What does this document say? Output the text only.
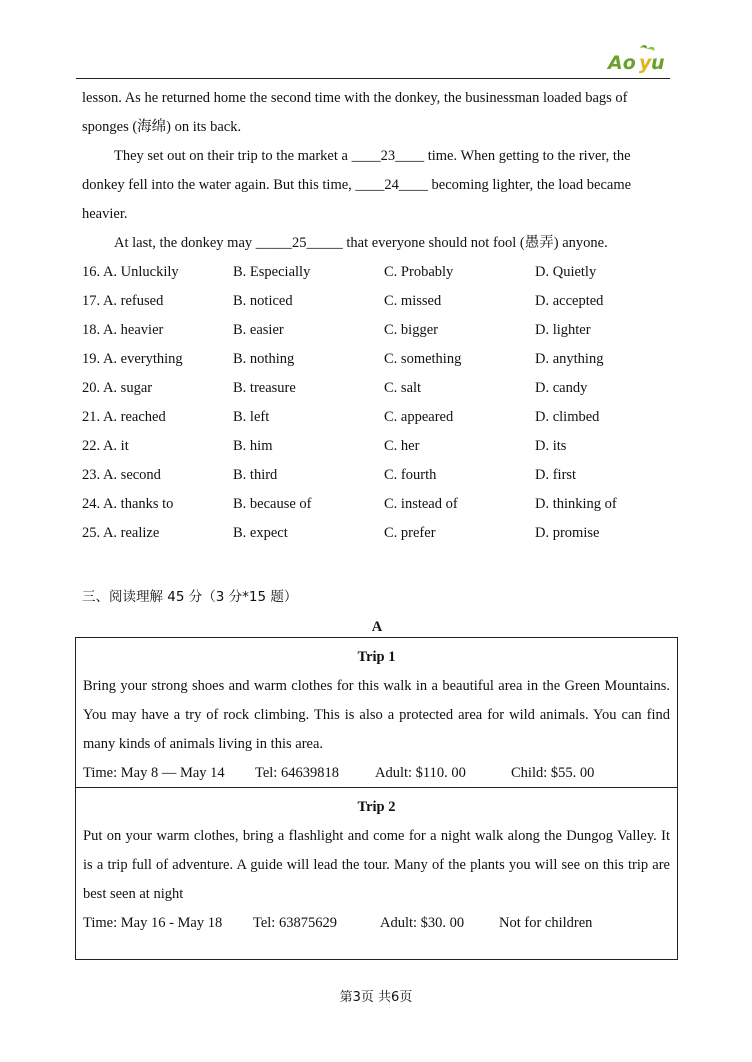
Ao y u

lesson. As he returned home the second time with the donkey, the businessman loaded bags of sponges (海绵) on its back.

They set out on their trip to the market a ____23____ time. When getting to the river, the donkey fell into the water again. But this time, ____24____ becoming lighter, the load became heavier.

At last, the donkey may _____25_____ that everyone should not fool (愚弄) anyone.

16. A. Unluckily	B. Especially	C. Probably	D. Quietly
17. A. refused	B. noticed	C. missed	D. accepted
18. A. heavier	B. easier	C. bigger	D. lighter
19. A. everything	B. nothing	C. something	D. anything
20. A. sugar	B. treasure	C. salt	D. candy
21. A. reached	B. left	C. appeared	D. climbed
22. A. it	B. him	C. her	D. its
23. A. second	B. third	C. fourth	D. first
24. A. thanks to	B. because of	C. instead of	D. thinking of
25. A. realize	B. expect	C. prefer	D. promise
三、阅读理解 45 分（3 分*15 题）
A
Trip 1

Bring your strong shoes and warm clothes for this walk in a beautiful area in the Green Mountains. You may have a try of rock climbing. This is also a protected area for wild animals. You can find many kinds of animals living in this area.

Time: May 8 — May 14 Tel: 64639818 Adult: $110. 00	Child: $55. 00
Trip 2

Put on your warm clothes, bring a flashlight and come for a night walk along the Dungog Valley. It is a trip full of adventure. A guide will lead the tour. Many of the plants you will see on this trip are best seen at night

Time: May 16 - May 18 Tel: 63875629	Adult: $30. 00 Not for children
第3页 共6页
